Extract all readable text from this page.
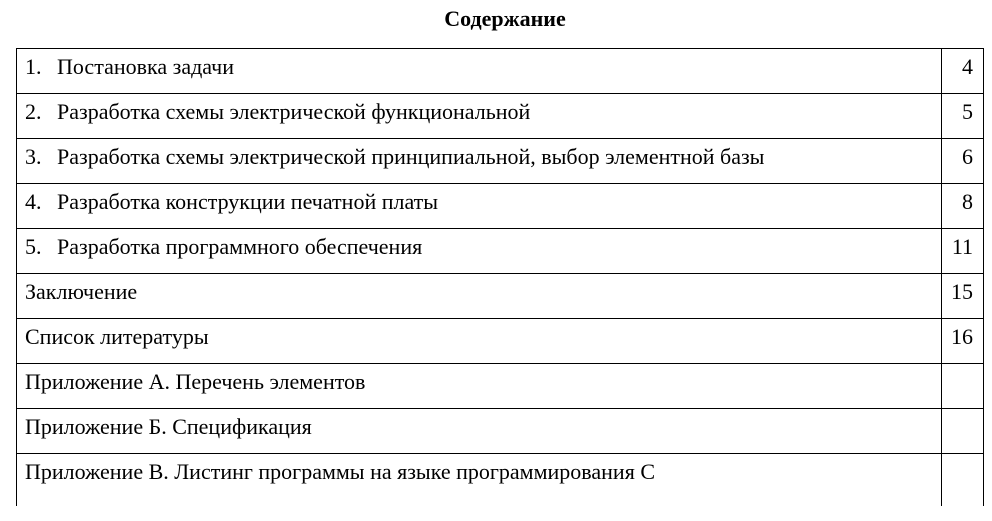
Содержание
1. Постановка задачи	4
2. Разработка схемы электрической функциональной	5
3. Разработка схемы электрической принципиальной, выбор элементной базы	6
4. Разработка конструкции печатной платы	8
5. Разработка программного обеспечения	11
Заключение	15
Список литературы	16
Приложение А. Перечень элементов	
Приложение Б. Спецификация	
Приложение В. Листинг программы на языке программирования С	
